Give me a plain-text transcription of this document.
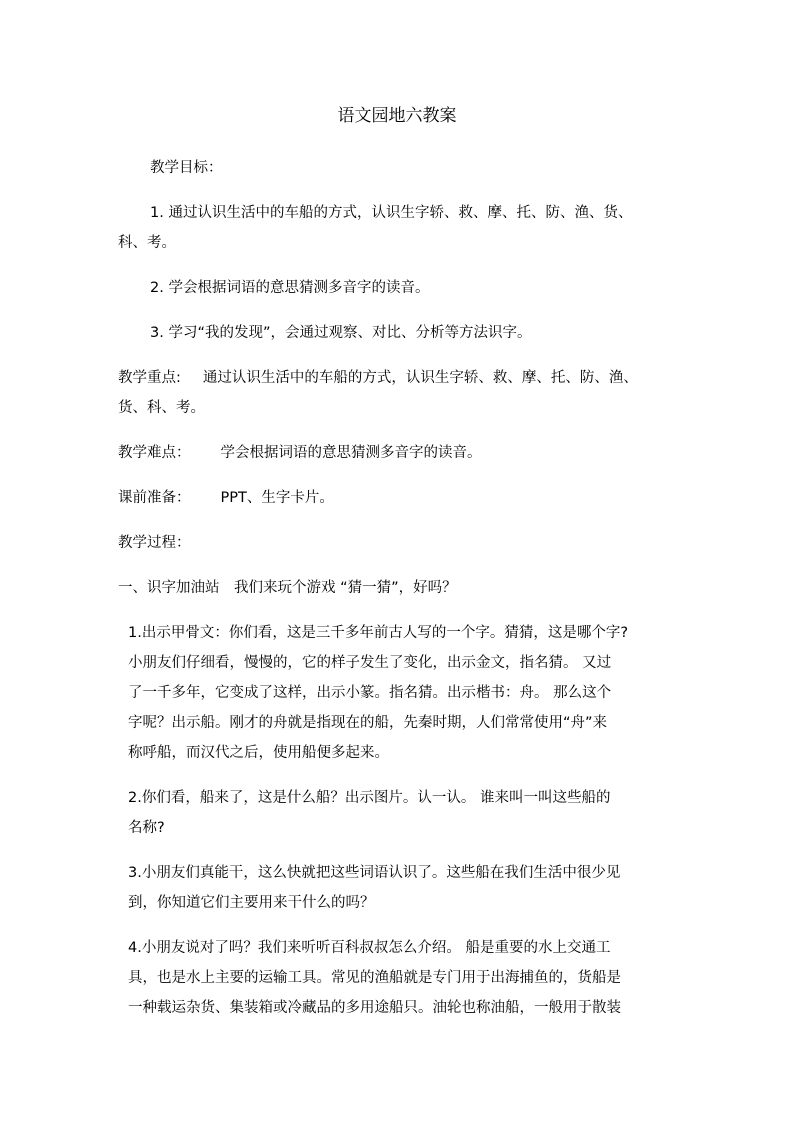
语文园地六教案
教学目标：
1. 通过认识生活中的车船的方式，认识生字轿、救、摩、托、防、渔、货、
科、考。
2. 学会根据词语的意思猜测多音字的读音。
3. 学习“我的发现”，会通过观察、对比、分析等方法识字。
教学重点: 通过认识生活中的车船的方式，认识生字轿、救、摩、托、防、渔、
货、科、考。
教学难点： 学会根据词语的意思猜测多音字的读音。
课前准备： PPT、生字卡片。
教学过程：
一、识字加油站　我们来玩个游戏 “猜一猜”，好吗？
1.出示甲骨文：你们看，这是三千多年前古人写的一个字。猜猜，这是哪个字?
小朋友们仔细看，慢慢的，它的样子发生了变化，出示金文，指名猜。 又过
了一千多年，它变成了这样，出示小篆。指名猜。出示楷书：舟。 那么这个
字呢？出示船。刚才的舟就是指现在的船，先秦时期，人们常常使用“舟”来
称呼船，而汉代之后，使用船便多起来。
2.你们看，船来了，这是什么船？出示图片。认一认。 谁来叫一叫这些船的
名称?
3.小朋友们真能干，这么快就把这些词语认识了。这些船在我们生活中很少见
到，你知道它们主要用来干什么的吗？
4.小朋友说对了吗？我们来听听百科叔叔怎么介绍。 船是重要的水上交通工
具，也是水上主要的运输工具。常见的渔船就是专门用于出海捕鱼的，货船是
一种载运杂货、集装箱或冷藏品的多用途船只。油轮也称油船，一般用于散装
